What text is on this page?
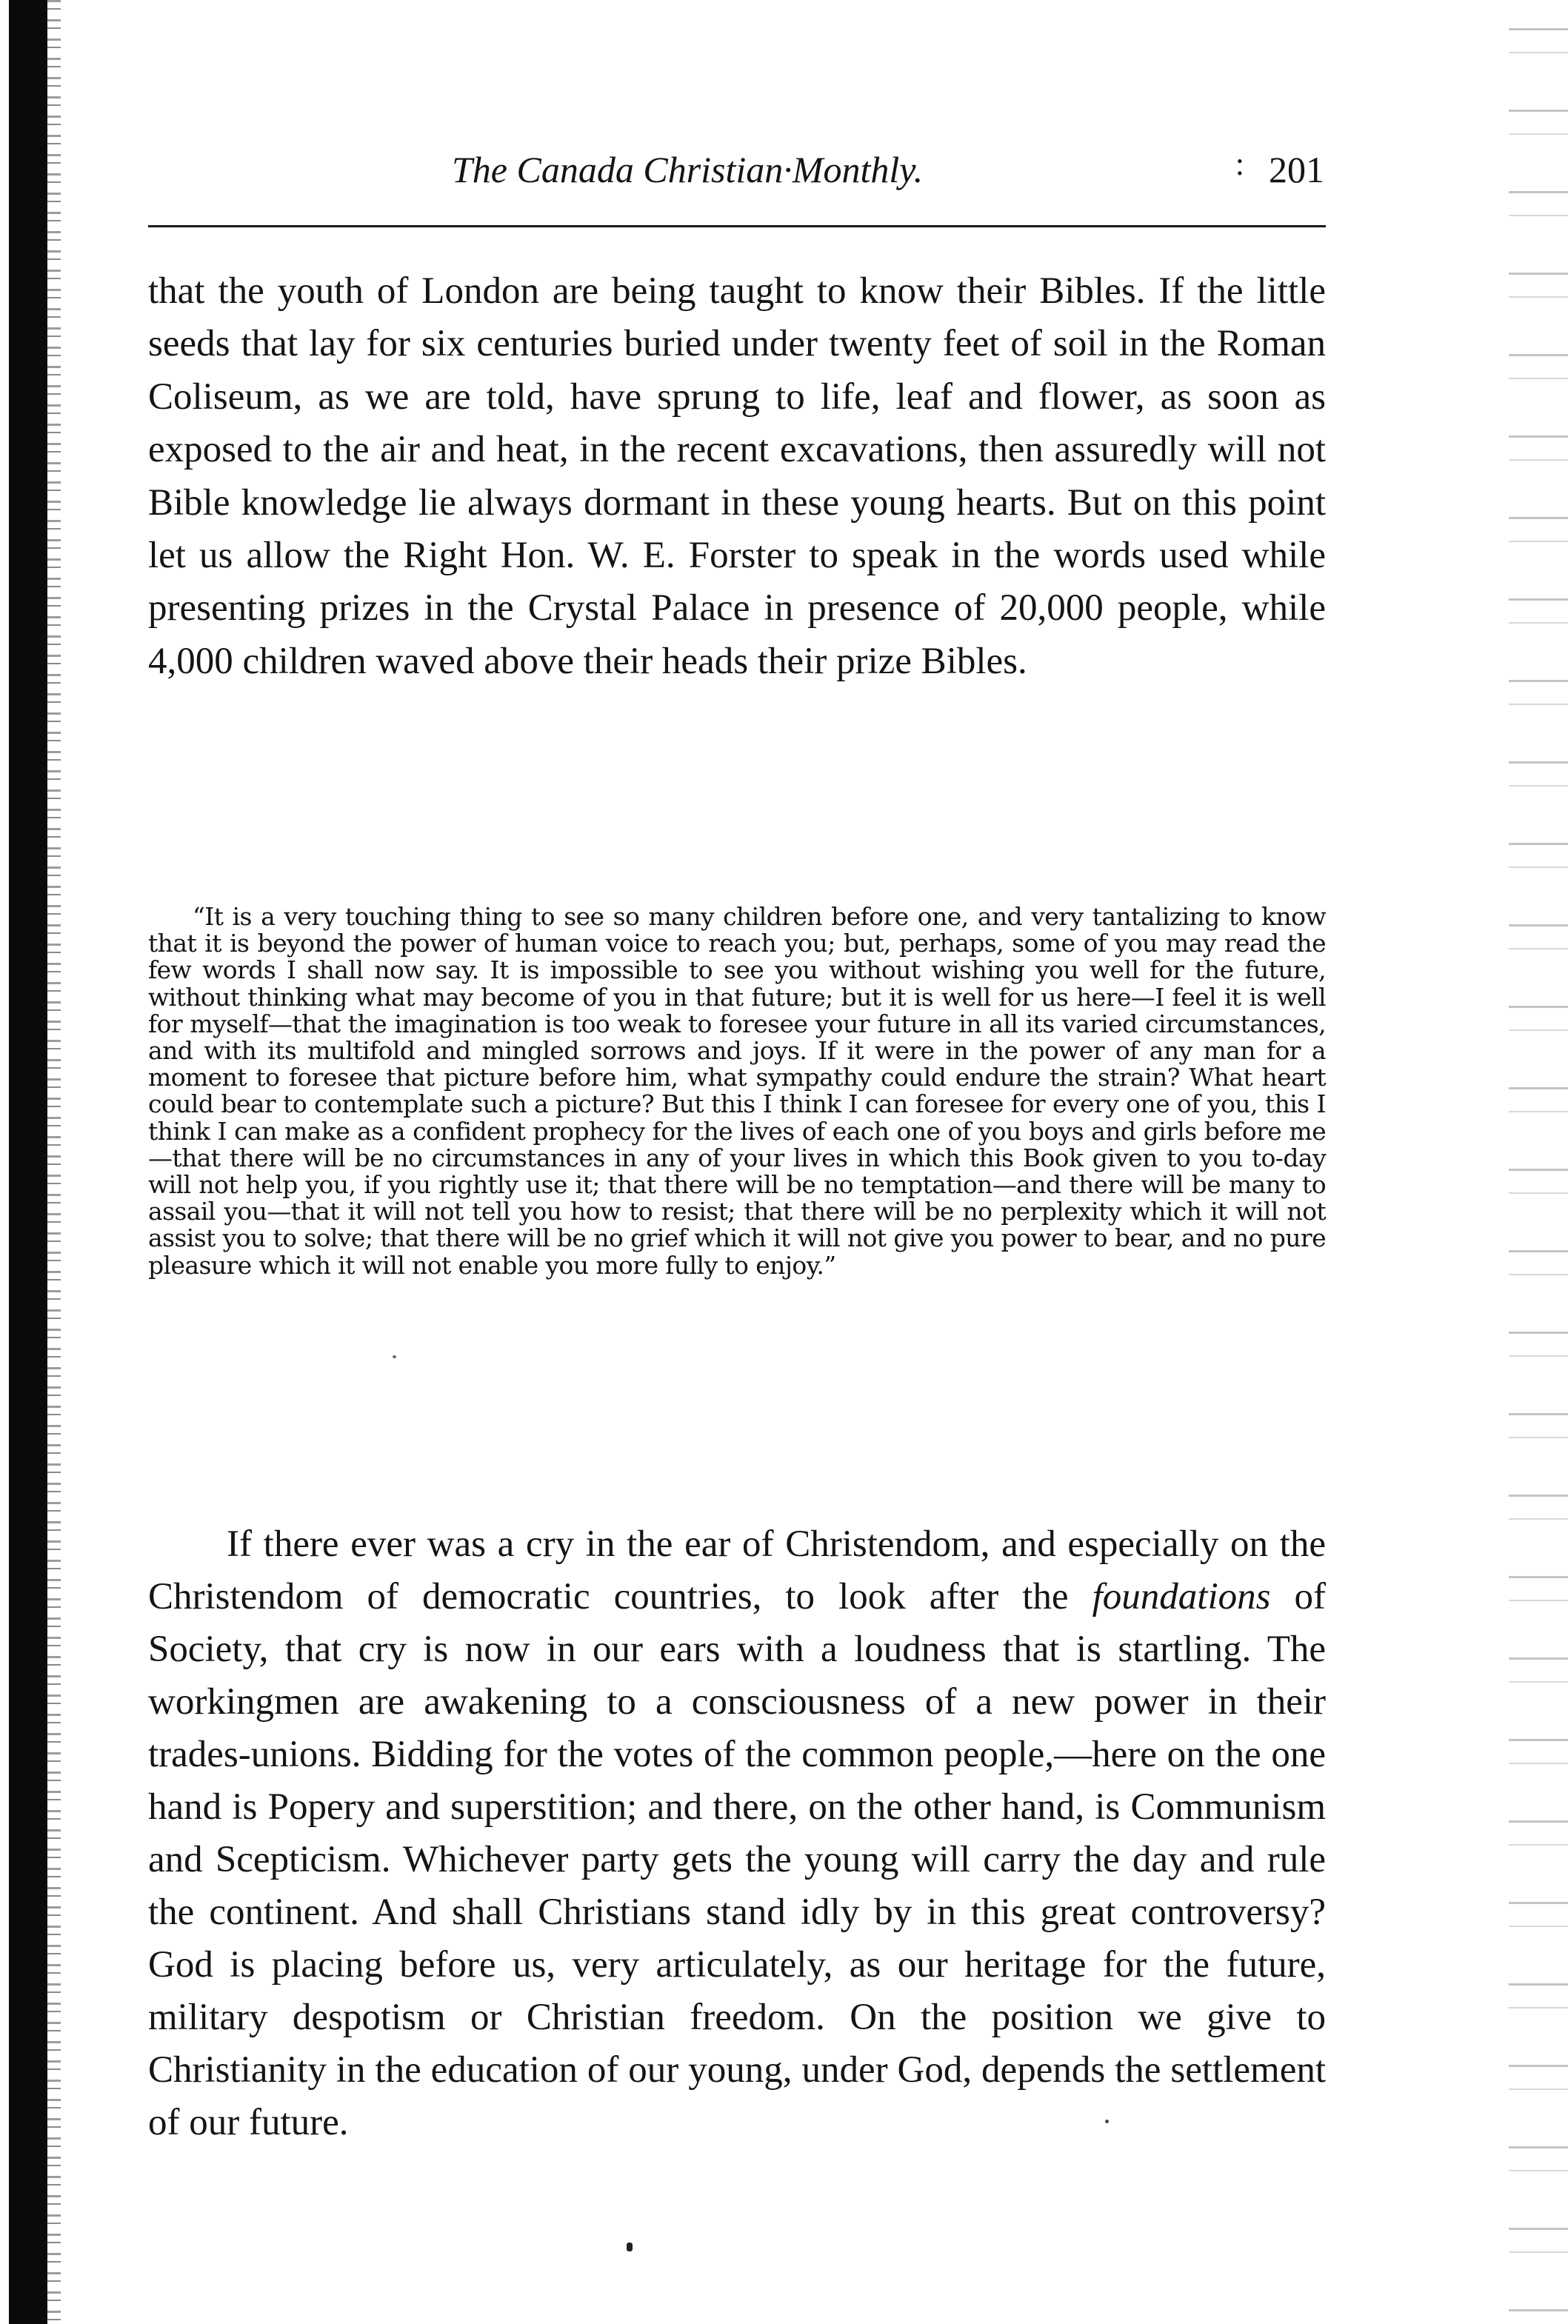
The Canada Christian·Monthly.	: 201

that the youth of London are being taught to know their Bibles. If the little seeds that lay for six centuries buried under twenty feet of soil in the Roman Coliseum, as we are told, have sprung to life, leaf and flower, as soon as exposed to the air and heat, in the recent excavations, then assuredly will not Bible knowledge lie always dormant in these young hearts. But on this point let us allow the Right Hon. W. E. Forster to speak in the words used while presenting prizes in the Crystal Palace in presence of 20,000 people, while 4,000 children waved above their heads their prize Bibles.

“It is a very touching thing to see so many children before one, and very tantalizing to know that it is beyond the power of human voice to reach you; but, perhaps, some of you may read the few words I shall now say. It is impossible to see you without wishing you well for the future, without thinking what may become of you in that future; but it is well for us here—I feel it is well for myself—that the imagination is too weak to foresee your future in all its varied circumstances, and with its multifold and mingled sorrows and joys. If it were in the power of any man for a moment to foresee that picture before him, what sympathy could endure the strain? What heart could bear to contemplate such a picture? But this I think I can foresee for every one of you, this I think I can make as a confident prophecy for the lives of each one of you boys and girls before me—that there will be no circumstances in any of your lives in which this Book given to you to-day will not help you, if you rightly use it; that there will be no temptation—and there will be many to assail you—that it will not tell you how to resist; that there will be no perplexity which it will not assist you to solve; that there will be no grief which it will not give you power to bear, and no pure pleasure which it will not enable you more fully to enjoy.”

If there ever was a cry in the ear of Christendom, and especially on the Christendom of democratic countries, to look after the foundations of Society, that cry is now in our ears with a loudness that is startling. The workingmen are awakening to a consciousness of a new power in their trades-unions. Bidding for the votes of the common people,—here on the one hand is Popery and superstition; and there, on the other hand, is Communism and Scepticism. Whichever party gets the young will carry the day and rule the continent. And shall Christians stand idly by in this great controversy? God is placing before us, very articulately, as our heritage for the future, military despotism or Christian freedom. On the position we give to Christianity in the education of our young, under God, depends the settlement of our future.
